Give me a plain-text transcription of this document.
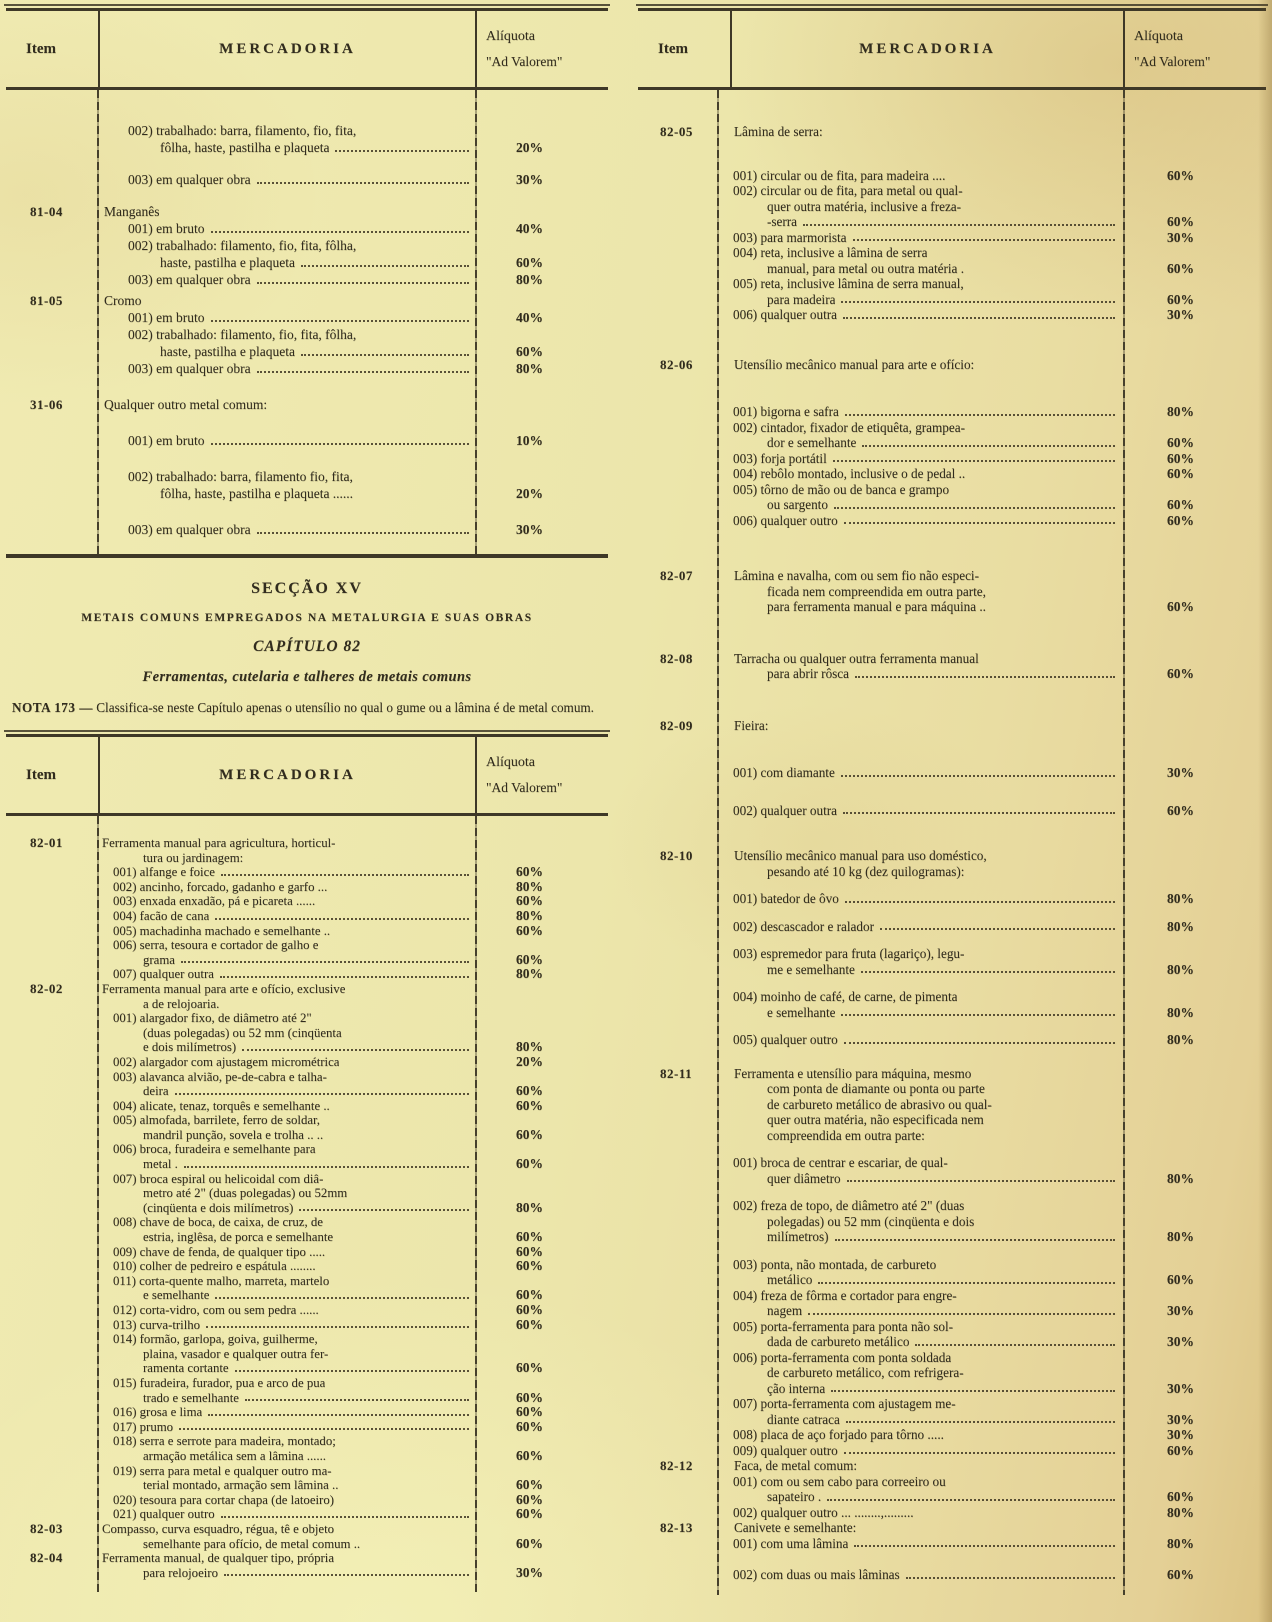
Item	MERCADORIA
Alíquota
"Ad Valorem"
002) trabalhado: barra, filamento, fio, fita,
fôlha, haste, pastilha e plaqueta	20%
003) em qualquer obra	30%
81-04	Manganês
001) em bruto	40%
002) trabalhado: filamento, fio, fita, fôlha,
haste, pastilha e plaqueta	60%
003) em qualquer obra	80%
81-05	Cromo
001) em bruto	40%
002) trabalhado: filamento, fio, fita, fôlha,
haste, pastilha e plaqueta	60%
003) em qualquer obra	80%
31-06	Qualquer outro metal comum:
001) em bruto	10%
002) trabalhado: barra, filamento fio, fita,
fôlha, haste, pastilha e plaqueta ......	20%
003) em qualquer obra	30%
SECÇÃO XV
METAIS COMUNS EMPREGADOS NA METALURGIA E SUAS OBRAS
CAPÍTULO 82
Ferramentas, cutelaria e talheres de metais comuns

NOTA 173 — Classifica-se neste Capítulo apenas o utensílio no qual o gume ou a lâmina é de metal comum.

Item	MERCADORIA
Alíquota
"Ad Valorem"
82-01	Ferramenta manual para agricultura, horticul-
tura ou jardinagem:
001) alfange e foice	60%
002) ancinho, forcado, gadanho e garfo ...	80%
003) enxada enxadão, pá e picareta ......	60%
004) facão de cana	80%
005) machadinha machado e semelhante ..	60%
006) serra, tesoura e cortador de galho e
grama	60%
007) qualquer outra	80%
82-02	Ferramenta manual para arte e ofício, exclusive
a de relojoaria.
001) alargador fixo, de diâmetro até 2"
(duas polegadas) ou 52 mm (cinqüenta
e dois milímetros)	80%
002) alargador com ajustagem micrométrica	20%
003) alavanca alvião, pe-de-cabra e talha-
deira	60%
004) alicate, tenaz, torquês e semelhante ..	60%
005) almofada, barrilete, ferro de soldar,
mandril punção, sovela e trolha .. ..	60%
006) broca, furadeira e semelhante para
metal .	60%
007) broca espiral ou helicoidal com diâ-
metro até 2" (duas polegadas) ou 52mm
(cinqüenta e dois milímetros)	80%
008) chave de boca, de caixa, de cruz, de
estria, inglêsa, de porca e semelhante	60%
009) chave de fenda, de qualquer tipo .....	60%
010) colher de pedreiro e espátula ........	60%
011) corta-quente malho, marreta, martelo
e semelhante	60%
012) corta-vidro, com ou sem pedra ......	60%
013) curva-trilho	60%
014) formão, garlopa, goiva, guilherme,
plaina, vasador e qualquer outra fer-
ramenta cortante	60%
015) furadeira, furador, pua e arco de pua
trado e semelhante	60%
016) grosa e lima	60%
017) prumo	60%
018) serra e serrote para madeira, montado;
armação metálica sem a lâmina ......	60%
019) serra para metal e qualquer outro ma-
terial montado, armação sem lâmina ..	60%
020) tesoura para cortar chapa (de latoeiro)	60%
021) qualquer outro	60%
82-03	Compasso, curva esquadro, régua, tê e objeto
semelhante para ofício, de metal comum ..	60%
82-04	Ferramenta manual, de qualquer tipo, própria
para relojoeiro	30%
Item	MERCADORIA
Alíquota
"Ad Valorem"
82-05	Lâmina de serra:
001) circular ou de fita, para madeira ....	60%
002) circular ou de fita, para metal ou qual-
quer outra matéria, inclusive a freza-
-serra	60%
003) para marmorista	30%
004) reta, inclusive a lâmina de serra
manual, para metal ou outra matéria .	60%
005) reta, inclusive lâmina de serra manual,
para madeira	60%
006) qualquer outra	30%
82-06	Utensílio mecânico manual para arte e ofício:
001) bigorna e safra	80%
002) cintador, fixador de etiquêta, grampea-
dor e semelhante	60%
003) forja portátil	60%
004) rebôlo montado, inclusive o de pedal ..	60%
005) tôrno de mão ou de banca e grampo
ou sargento	60%
006) qualquer outro	60%
82-07	Lâmina e navalha, com ou sem fio não especi-
ficada nem compreendida em outra parte,
para ferramenta manual e para máquina ..	60%
82-08	Tarracha ou qualquer outra ferramenta manual
para abrir rôsca	60%
82-09	Fieira:
001) com diamante	30%
002) qualquer outra	60%
82-10	Utensílio mecânico manual para uso doméstico,
pesando até 10 kg (dez quilogramas):
001) batedor de ôvo	80%
002) descascador e ralador	80%
003) espremedor para fruta (lagariço), legu-
me e semelhante	80%
004) moinho de café, de carne, de pimenta
e semelhante	80%
005) qualquer outro	80%
82-11	Ferramenta e utensílio para máquina, mesmo
com ponta de diamante ou ponta ou parte
de carbureto metálico de abrasivo ou qual-
quer outra matéria, não especificada nem
compreendida em outra parte:
001) broca de centrar e escariar, de qual-
quer diâmetro	80%
002) freza de topo, de diâmetro até 2" (duas
polegadas) ou 52 mm (cinqüenta e dois
milímetros)	80%
003) ponta, não montada, de carbureto
metálico	60%
004) freza de fôrma e cortador para engre-
nagem	30%
005) porta-ferramenta para ponta não sol-
dada de carbureto metálico	30%
006) porta-ferramenta com ponta soldada
de carbureto metálico, com refrigera-
ção interna	30%
007) porta-ferramenta com ajustagem me-
diante catraca	30%
008) placa de aço forjado para tôrno .....	30%
009) qualquer outro	60%
82-12	Faca, de metal comum:
001) com ou sem cabo para correeiro ou
sapateiro .	60%
002) qualquer outro ... ........,.........	80%
82-13	Canivete e semelhante:
001) com uma lâmina	80%
002) com duas ou mais lâminas	60%
